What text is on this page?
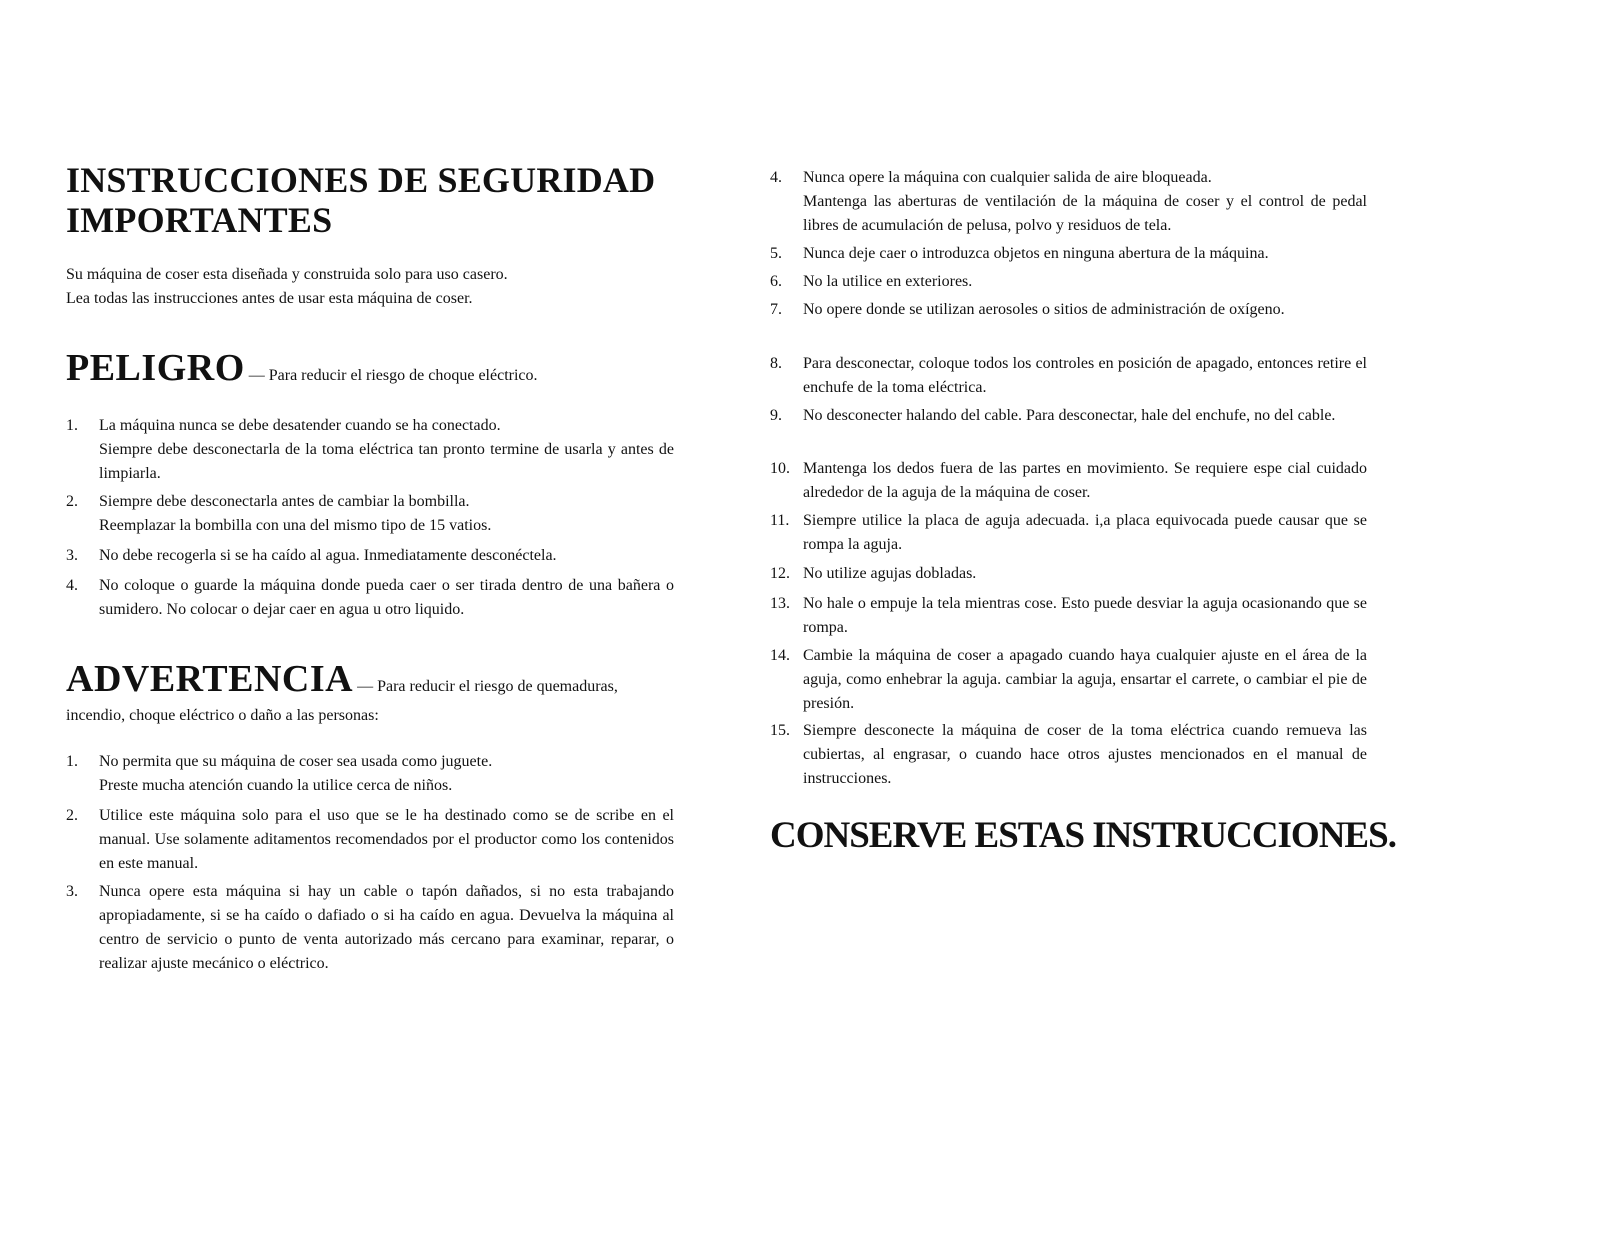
INSTRUCCIONES DE SEGURIDAD
IMPORTANTES
Su máquina de coser esta diseñada y construida solo para uso casero.
Lea todas las instrucciones antes de usar esta máquina de coser.
PELIGRO — Para reducir el riesgo de choque eléctrico.
1.	La máquina nunca se debe desatender cuando se ha conectado.
Siempre debe desconectarla de la toma eléctrica tan pronto termine de usarla y antes de limpiarla.
2.	Siempre debe desconectarla antes de cambiar la bombilla.
Reemplazar la bombilla con una del mismo tipo de 15 vatios.
3.	No debe recogerla si se ha caído al agua. Inmediatamente desconéctela.
4.	No coloque o guarde la máquina donde pueda caer o ser tirada dentro de una bañera o sumidero. No colocar o dejar caer en agua u otro liquido.
ADVERTENCIA — Para reducir el riesgo de quemaduras,
incendio, choque eléctrico o daño a las personas:
1.	No permita que su máquina de coser sea usada como juguete.
Preste mucha atención cuando la utilice cerca de niños.
2.	Utilice este máquina solo para el uso que se le ha destinado como se de scribe en el manual. Use solamente aditamentos recomendados por el productor como los contenidos en este manual.
3.	Nunca opere esta máquina si hay un cable o tapón dañados, si no esta trabajando apropiadamente, si se ha caído o dafiado o si ha caído en agua. Devuelva la máquina al centro de servicio o punto de venta autorizado más cercano para examinar, reparar, o realizar ajuste mecánico o eléctrico.
4.	Nunca opere la máquina con cualquier salida de aire bloqueada.
Mantenga las aberturas de ventilación de la máquina de coser y el control de pedal libres de acumulación de pelusa, polvo y residuos de tela.
5.	Nunca deje caer o introduzca objetos en ninguna abertura de la máquina.
6.	No la utilice en exteriores.
7.	No opere donde se utilizan aerosoles o sitios de administración de oxígeno.
8.	Para desconectar, coloque todos los controles en posición de apagado, entonces retire el enchufe de la toma eléctrica.
9.	No desconecter halando del cable. Para desconectar, hale del enchufe, no del cable.
10. Mantenga los dedos fuera de las partes en movimiento. Se requiere espe cial cuidado alrededor de la aguja de la máquina de coser.
11. Siempre utilice la placa de aguja adecuada. i,a placa equivocada puede causar que se rompa la aguja.
12. No utilize agujas dobladas.
13. No hale o empuje la tela mientras cose. Esto puede desviar la aguja ocasionando que se rompa.
14. Cambie la máquina de coser a apagado cuando haya cualquier ajuste en el área de la aguja, como enhebrar la aguja. cambiar la aguja, ensartar el carrete, o cambiar el pie de presión.
15. Siempre desconecte la máquina de coser de la toma eléctrica cuando remueva las cubiertas, al engrasar, o cuando hace otros ajustes mencionados en el manual de instrucciones.
CONSERVE ESTAS INSTRUCCIONES.
